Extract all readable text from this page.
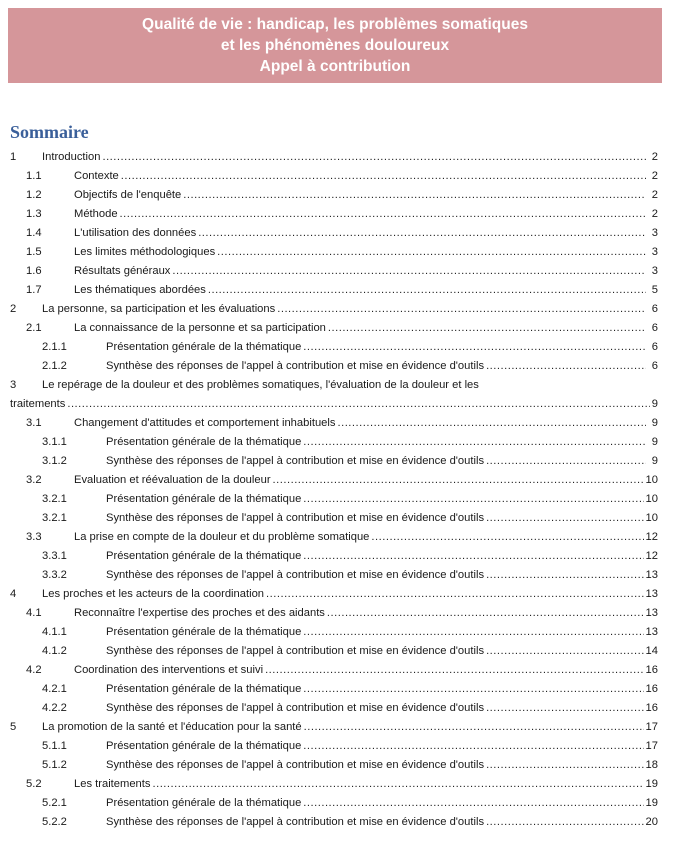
Qualité de vie : handicap, les problèmes somatiques
et les phénomènes douloureux
Appel à contribution
Sommaire
1	Introduction .....	2
1.1	Contexte .....	2
1.2	Objectifs de l'enquête .....	2
1.3	Méthode .....	2
1.4	L'utilisation des données .....	3
1.5	Les limites méthodologiques .....	3
1.6	Résultats généraux .....	3
1.7	Les thématiques abordées .....	5
2	La personne, sa participation et les évaluations .....	6
2.1	La connaissance de la personne et sa participation .....	6
2.1.1	Présentation générale de la thématique .....	6
2.1.2	Synthèse des réponses de l'appel à contribution et mise en évidence d'outils .....	6
3	Le repérage de la douleur et des problèmes somatiques, l'évaluation de la douleur et les
traitements .....	9
3.1	Changement d'attitudes et comportement inhabituels .....	9
3.1.1	Présentation générale de la thématique .....	9
3.1.2	Synthèse des réponses de l'appel à contribution et mise en évidence d'outils .....	9
3.2	Evaluation et réévaluation de la douleur .....	10
3.2.1	Présentation générale de la thématique .....	10
3.2.1	Synthèse des réponses de l'appel à contribution et mise en évidence d'outils .....	10
3.3	La prise en compte de la douleur et du problème somatique .....	12
3.3.1	Présentation générale de la thématique .....	12
3.3.2	Synthèse des réponses de l'appel à contribution et mise en évidence d'outils .....	13
4	Les proches et les acteurs de la coordination .....	13
4.1	Reconnaître l'expertise des proches et des aidants .....	13
4.1.1	Présentation générale de la thématique .....	13
4.1.2	Synthèse des réponses de l'appel à contribution et mise en évidence d'outils .....	14
4.2	Coordination des interventions et suivi .....	16
4.2.1	Présentation générale de la thématique .....	16
4.2.2	Synthèse des réponses de l'appel à contribution et mise en évidence d'outils .....	16
5	La promotion de la santé et l'éducation pour la santé .....	17
5.1.1	Présentation générale de la thématique .....	17
5.1.2	Synthèse des réponses de l'appel à contribution et mise en évidence d'outils .....	18
5.2	Les traitements .....	19
5.2.1	Présentation générale de la thématique .....	19
5.2.2	Synthèse des réponses de l'appel à contribution et mise en évidence d'outils .....	20
